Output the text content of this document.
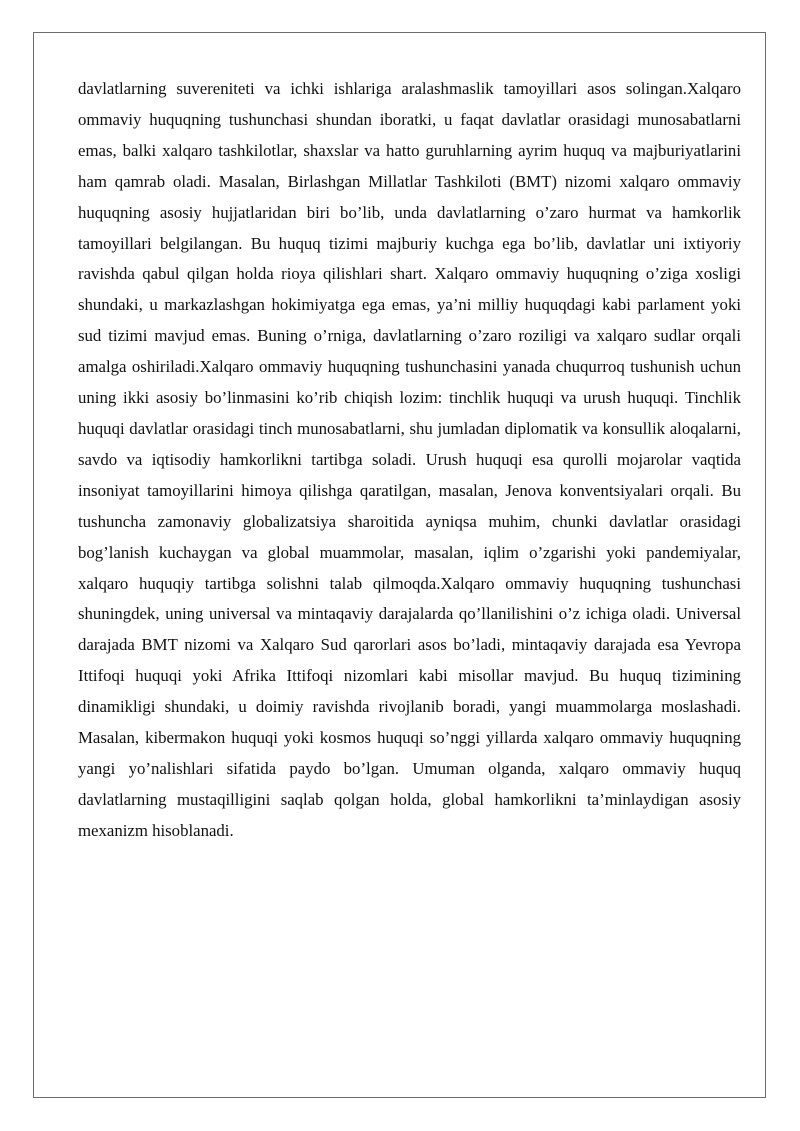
davlatlarning suvereniteti va ichki ishlariga aralashmaslik tamoyillari asos solingan.Xalqaro ommaviy huquqning tushunchasi shundan iboratki, u faqat davlatlar orasidagi munosabatlarni emas, balki xalqaro tashkilotlar, shaxslar va hatto guruhlarning ayrim huquq va majburiyatlarini ham qamrab oladi. Masalan, Birlashgan Millatlar Tashkiloti (BMT) nizomi xalqaro ommaviy huquqning asosiy hujjatlaridan biri bo’lib, unda davlatlarning o’zaro hurmat va hamkorlik tamoyillari belgilangan. Bu huquq tizimi majburiy kuchga ega bo’lib, davlatlar uni ixtiyoriy ravishda qabul qilgan holda rioya qilishlari shart. Xalqaro ommaviy huquqning o’ziga xosligi shundaki, u markazlashgan hokimiyatga ega emas, ya’ni milliy huquqdagi kabi parlament yoki sud tizimi mavjud emas. Buning o’rniga, davlatlarning o’zaro roziligi va xalqaro sudlar orqali amalga oshiriladi.Xalqaro ommaviy huquqning tushunchasini yanada chuqurroq tushunish uchun uning ikki asosiy bo’linmasini ko’rib chiqish lozim: tinchlik huquqi va urush huquqi. Tinchlik huquqi davlatlar orasidagi tinch munosabatlarni, shu jumladan diplomatik va konsullik aloqalarni, savdo va iqtisodiy hamkorlikni tartibga soladi. Urush huquqi esa qurolli mojarolar vaqtida insoniyat tamoyillarini himoya qilishga qaratilgan, masalan, Jenova konventsiyalari orqali. Bu tushuncha zamonaviy globalizatsiya sharoitida ayniqsa muhim, chunki davlatlar orasidagi bog’lanish kuchaygan va global muammolar, masalan, iqlim o’zgarishi yoki pandemiyalar, xalqaro huquqiy tartibga solishni talab qilmoqda.Xalqaro ommaviy huquqning tushunchasi shuningdek, uning universal va mintaqaviy darajalarda qo’llanilishini o’z ichiga oladi. Universal darajada BMT nizomi va Xalqaro Sud qarorlari asos bo’ladi, mintaqaviy darajada esa Yevropa Ittifoqi huquqi yoki Afrika Ittifoqi nizomlari kabi misollar mavjud. Bu huquq tizimining dinamikligi shundaki, u doimiy ravishda rivojlanib boradi, yangi muammolarga moslashadi. Masalan, kibermakon huquqi yoki kosmos huquqi so’nggi yillarda xalqaro ommaviy huquqning yangi yo’nalishlari sifatida paydo bo’lgan. Umuman olganda, xalqaro ommaviy huquq davlatlarning mustaqilligini saqlab qolgan holda, global hamkorlikni ta’minlaydigan asosiy mexanizm hisoblanadi.
